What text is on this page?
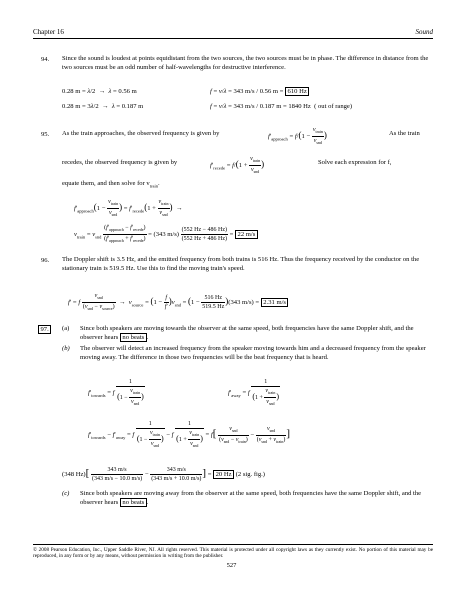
Chapter 16	Sound
94. Since the sound is loudest at points equidistant from the two sources, the two sources must be in phase. The difference in distance from the two sources must be an odd number of half-wavelengths for destructive interference.
0.28 m = λ/2  →  λ = 0.56 m	f = v/λ = 343 m/s / 0.56 m = 610 Hz
0.28 m = 3λ/2  →  λ = 0.187 m	f = v/λ = 343 m/s / 0.187 m = 1840 Hz  ( out of range)
95. As the train approaches, the observed frequency is given by	$f'_{approach} = f/(1 - \frac{v_{train}}{v_{snd}}$ )	As the train
recedes, the observed frequency is given by	$f'_{recede} = f/(1 + \frac{v_{train}}{v_{snd}}$ )	Solve each expression for f,
equate them, and then solve for $v_{train}$.
$f'_{approach}(1 - \frac{v_{train}}{v_{snd}}$ ) = $f'_{recede}(1 + \frac{v_{train}}{v_{snd}}$ )  →
$v_{train} = v_{snd} \frac{(f'_{approach} - f'_{recede})}{(f'_{approach} + f'_{recede})} = (343$ $m/s) \frac{(552 Hz - 486 Hz)}{(552 Hz + 486 Hz)} = 22$ m/s
96. The Doppler shift is 3.5 Hz, and the emitted frequency from both trains is 516 Hz. Thus the frequency received by the conductor on the stationary train is 519.5 Hz. Use this to find the moving train's speed.
f′ = f $\frac{v_{snd}}{(v_{snd} - v_{source})} \to v_{source} = (1 - \frac{f}{f'} )v_{snd} = (1 - \frac{516 Hz}{519.5 Hz} )(343$ m/s) = 2.31 m/s
97.	(a) Since both speakers are moving towards the observer at the same speed, both frequencies have the same Doppler shift, and the observer hears no beats .
(b) The observer will detect an increased frequency from the speaker moving towards him and a decreased frequency from the speaker moving away. The difference in those two frequencies will be the beat frequency that is heard.
$f'_{towards} = f \frac{1}{(1 - \frac{v_{train}}{v_{snd}} )}$	$f'_{away} = f \frac{1}{(1 + \frac{v_{train}}{v_{snd}} )}$
$f'_{towards} - f'_{away} = f \frac{1}{(1 - \frac{v_{train}}{v_{snd}} )} - f \frac{1}{(1 + \frac{v_{train}}{v_{snd}} )} = f[ \frac{v_{snd}}{(v_{snd} - v_{train})} - \frac{v_{snd}}{(v_{snd} + v_{train})}$ ]
(348 $Hz)[ \frac{343 m/s}{(343 m/s - 10.0 m/s)} - \frac{343 m/s}{(343 m/s + 10.0 m/s)}$ ] = 20 Hz (2 sig. fig.)
(c) Since both speakers are moving away from the observer at the same speed, both frequencies have the same Doppler shift, and the observer hears no beats .
© 2008 Pearson Education, Inc., Upper Saddle River, NJ. All rights reserved. This material is protected under all copyright laws as they currently exist. No portion of this material may be reproduced, in any form or by any means, without permission in writing from the publisher.
527
